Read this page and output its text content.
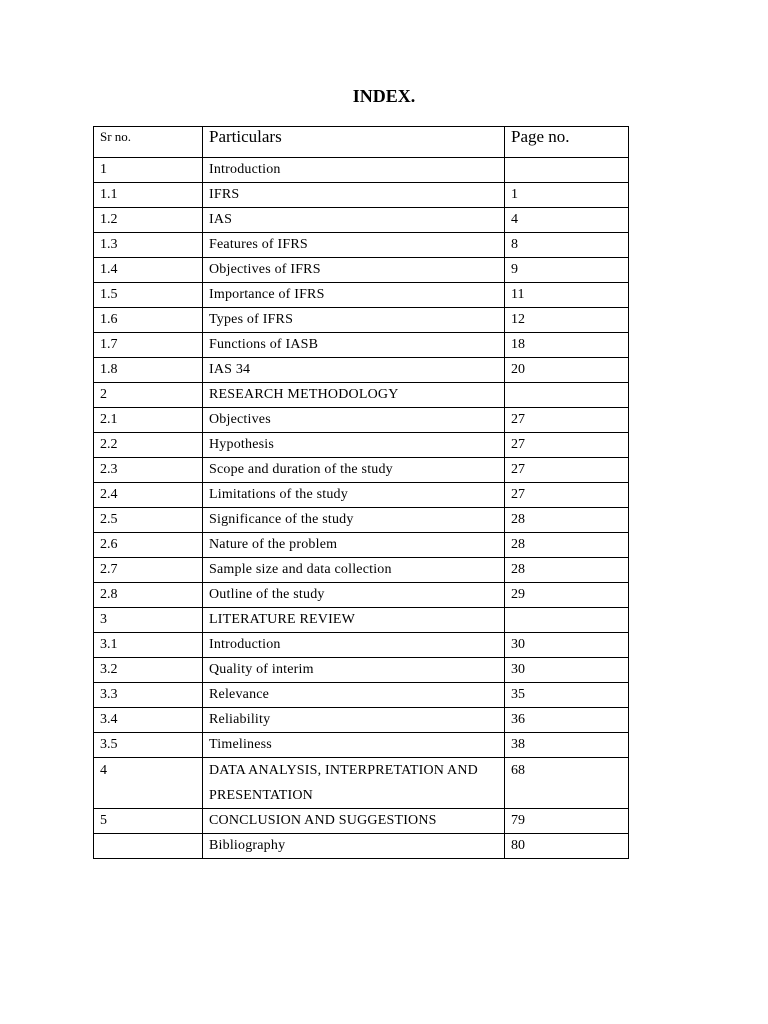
INDEX.
Sr no.	Particulars	Page no.
1	Introduction	
1.1	IFRS	1
1.2	IAS	4
1.3	Features of IFRS	8
1.4	Objectives of IFRS	9
1.5	Importance of IFRS	11
1.6	Types of IFRS	12
1.7	Functions of IASB	18
1.8	IAS 34	20
2	RESEARCH METHODOLOGY	
2.1	Objectives	27
2.2	Hypothesis	27
2.3	Scope and duration of the study	27
2.4	Limitations of the study	27
2.5	Significance of the study	28
2.6	Nature of the problem	28
2.7	Sample size and data collection	28
2.8	Outline of the study	29
3	LITERATURE REVIEW	
3.1	Introduction	30
3.2	Quality of interim	30
3.3	Relevance	35
3.4	Reliability	36
3.5	Timeliness	38
4	DATA ANALYSIS, INTERPRETATION AND PRESENTATION	68
5	CONCLUSION AND SUGGESTIONS	79
	Bibliography	80
